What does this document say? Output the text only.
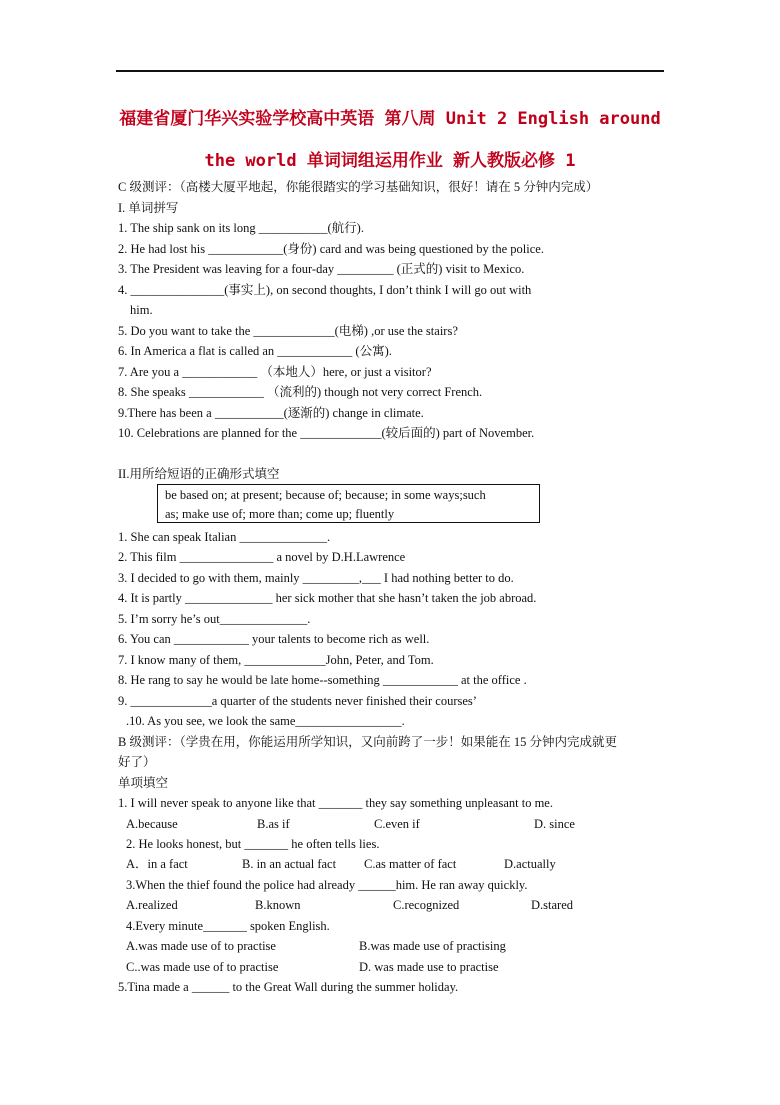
福建省厦门华兴实验学校高中英语 第八周 Unit 2 English around
the world 单词词组运用作业 新人教版必修 1
C 级测评：（高楼大厦平地起，你能很踏实的学习基础知识，很好！请在 5 分钟内完成）
I. 单词拼写
1. The ship sank on its long ___________(航行).
2. He had lost his ____________(身份) card and was being questioned by the police.
3. The President was leaving for a four-day _________ (正式的) visit to Mexico.
4. _______________(事实上), on second thoughts, I don’t think I will go out with
him.
5. Do you want to take the _____________(电梯) ,or use the stairs?
6. In America a flat is called an ____________ (公寓).
7. Are you a ____________ （本地人）here, or just a visitor?
8. She speaks ____________ （流利的) though not very correct French.
9.There has been a ___________(逐渐的) change in climate.
10. Celebrations are planned for the _____________(较后面的) part of November.
II.用所给短语的正确形式填空
be based on; at present; because of; because; in some ways;such
as; make use of; more than; come up; fluently
1. She can speak Italian ______________.
2. This film _______________ a novel by D.H.Lawrence
3. I decided to go with them, mainly _________,___ I had nothing better to do.
4. It is partly ______________ her sick mother that she hasn’t taken the job abroad.
5. I’m sorry he’s out______________.
6. You can ____________ your talents to become rich as well.
7. I know many of them, _____________John, Peter, and Tom.
8. He rang to say he would be late home--something ____________ at the office .
9. _____________a quarter of the students never finished their courses’
.10. As you see, we look the same_________________.
B 级测评：（学贵在用，你能运用所学知识，又向前跨了一步！如果能在 15 分钟内完成就更
好了）
单项填空
1. I will never speak to anyone like that _______ they say something unpleasant to me.
A.because	B.as if	C.even if	D. since
2. He looks honest, but _______ he often tells lies.
A．in a fact	B. in an actual fact C.as matter of fact	D.actually
3.When the thief found the police had already ______him. He ran away quickly.
A.realized	B.known	C.recognized	D.stared
4.Every minute_______ spoken English.
A.was made use of to practise	B.was made use of practising
C..was made use of to practise	D. was made use to practise
5.Tina made a ______ to the Great Wall during the summer holiday.
